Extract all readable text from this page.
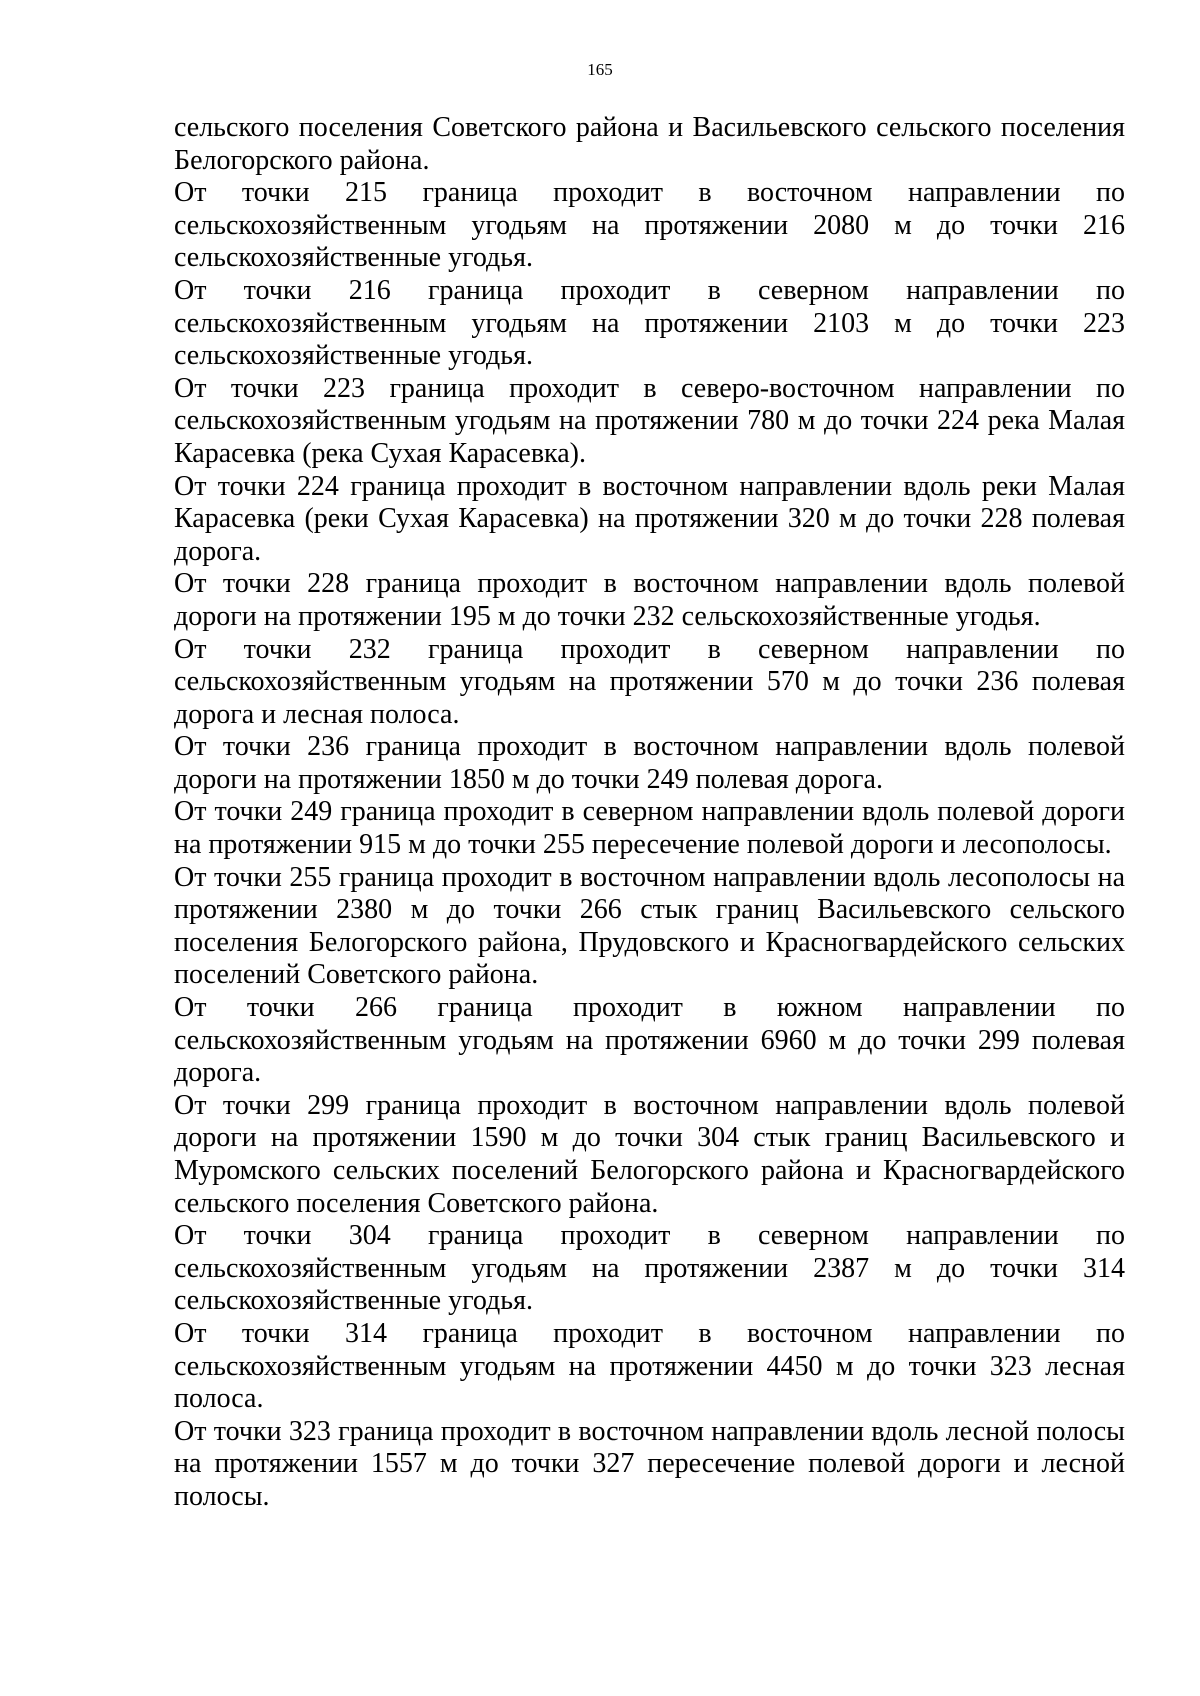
165

сельского поселения Советского района и Васильевского сельского поселения Белогорского района.

От точки 215 граница проходит в восточном направлении по сельскохозяйственным угодьям на протяжении 2080 м до точки 216 сельскохозяйственные угодья.

От точки 216 граница проходит в северном направлении по сельскохозяйственным угодьям на протяжении 2103 м до точки 223 сельскохозяйственные угодья.

От точки 223 граница проходит в северо-восточном направлении по сельскохозяйственным угодьям на протяжении 780 м до точки 224 река Малая Карасевка (река Сухая Карасевка).

От точки 224 граница проходит в восточном направлении вдоль реки Малая Карасевка (реки Сухая Карасевка) на протяжении 320 м до точки 228 полевая дорога.

От точки 228 граница проходит в восточном направлении вдоль полевой дороги на протяжении 195 м до точки 232 сельскохозяйственные угодья.

От точки 232 граница проходит в северном направлении по сельскохозяйственным угодьям на протяжении 570 м до точки 236 полевая дорога и лесная полоса.

От точки 236 граница проходит в восточном направлении вдоль полевой дороги на протяжении 1850 м до точки 249 полевая дорога.

От точки 249 граница проходит в северном направлении вдоль полевой дороги на протяжении 915 м до точки 255 пересечение полевой дороги и лесополосы.

От точки 255 граница проходит в восточном направлении вдоль лесополосы на протяжении 2380 м до точки 266 стык границ Васильевского сельского поселения Белогорского района, Прудовского и Красногвардейского сельских поселений Советского района.

От точки 266 граница проходит в южном направлении по сельскохозяйственным угодьям на протяжении 6960 м до точки 299 полевая дорога.

От точки 299 граница проходит в восточном направлении вдоль полевой дороги на протяжении 1590 м до точки 304 стык границ Васильевского и Муромского сельских поселений Белогорского района и Красногвардейского сельского поселения Советского района.

От точки 304 граница проходит в северном направлении по сельскохозяйственным угодьям на протяжении 2387 м до точки 314 сельскохозяйственные угодья.

От точки 314 граница проходит в восточном направлении по сельскохозяйственным угодьям на протяжении 4450 м до точки 323 лесная полоса.

От точки 323 граница проходит в восточном направлении вдоль лесной полосы на протяжении 1557 м до точки 327 пересечение полевой дороги и лесной полосы.
